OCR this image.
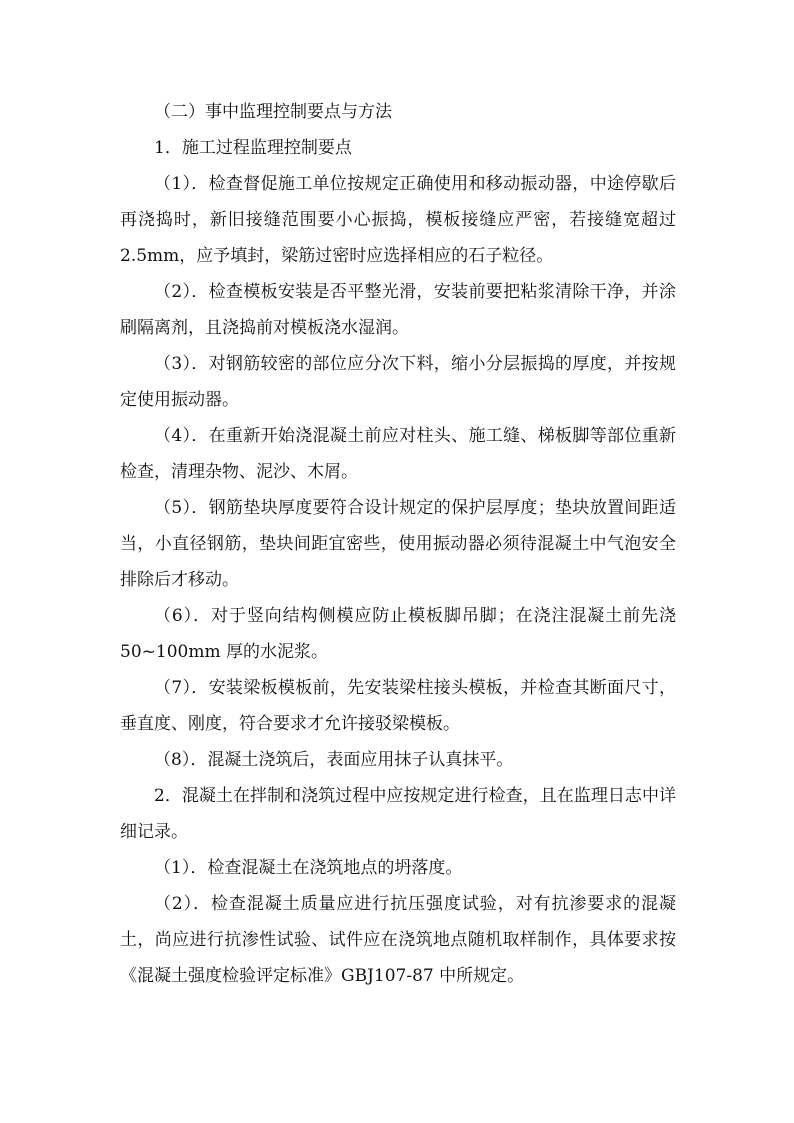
（二）事中监理控制要点与方法

1．施工过程监理控制要点

（1）．检查督促施工单位按规定正确使用和移动振动器，中途停歇后再浇捣时，新旧接缝范围要小心振捣，模板接缝应严密，若接缝宽超过 2.5mm，应予填封，梁筋过密时应选择相应的石子粒径。

（2）．检查模板安装是否平整光滑，安装前要把粘浆清除干净，并涂刷隔离剂，且浇捣前对模板浇水湿润。

（3）．对钢筋较密的部位应分次下料，缩小分层振捣的厚度，并按规定使用振动器。

（4）．在重新开始浇混凝土前应对柱头、施工缝、梯板脚等部位重新检查，清理杂物、泥沙、木屑。

（5）．钢筋垫块厚度要符合设计规定的保护层厚度；垫块放置间距适当，小直径钢筋，垫块间距宜密些，使用振动器必须待混凝土中气泡安全排除后才移动。

（6）．对于竖向结构侧模应防止模板脚吊脚；在浇注混凝土前先浇 50~100mm 厚的水泥浆。

（7）．安装梁板模板前，先安装梁柱接头模板，并检查其断面尺寸，垂直度、刚度，符合要求才允许接驳梁模板。

（8）．混凝土浇筑后，表面应用抹子认真抹平。

2．混凝土在拌制和浇筑过程中应按规定进行检查，且在监理日志中详细记录。

（1）．检查混凝土在浇筑地点的坍落度。

（2）．检查混凝土质量应进行抗压强度试验，对有抗渗要求的混凝土，尚应进行抗渗性试验、试件应在浇筑地点随机取样制作，具体要求按《混凝土强度检验评定标准》GBJ107-87 中所规定。
